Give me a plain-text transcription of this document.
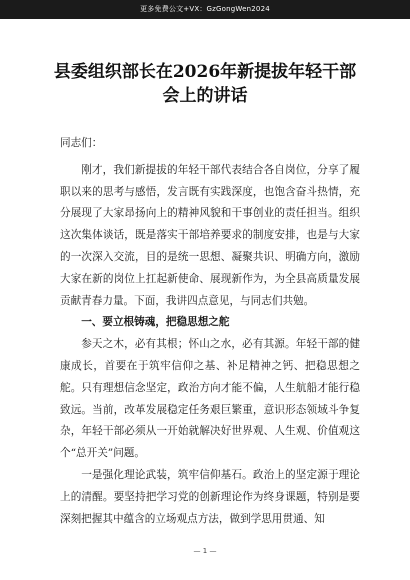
更多免费公文+VX：GzGongWen2024
县委组织部长在2026年新提拔年轻干部会上的讲话

同志们：

刚才，我们新提拔的年轻干部代表结合各自岗位，分享了履职以来的思考与感悟，发言既有实践深度，也饱含奋斗热情，充分展现了大家昂扬向上的精神风貌和干事创业的责任担当。组织这次集体谈话，既是落实干部培养要求的制度安排，也是与大家的一次深入交流，目的是统一思想、凝聚共识、明确方向，激励大家在新的岗位上扛起新使命、展现新作为，为全县高质量发展贡献青春力量。下面，我讲四点意见，与同志们共勉。

一、要立根铸魂，把稳思想之舵

参天之木，必有其根；怀山之水，必有其源。年轻干部的健康成长，首要在于筑牢信仰之基、补足精神之钙、把稳思想之舵。只有理想信念坚定，政治方向才能不偏，人生航船才能行稳致远。当前，改革发展稳定任务艰巨繁重，意识形态领域斗争复杂，年轻干部必须从一开始就解决好世界观、人生观、价值观这个“总开关”问题。

一是强化理论武装，筑牢信仰基石。政治上的坚定源于理论上的清醒。要坚持把学习党的创新理论作为终身课题，特别是要深刻把握其中蕴含的立场观点方法，做到学思用贯通、知

— 1 —
